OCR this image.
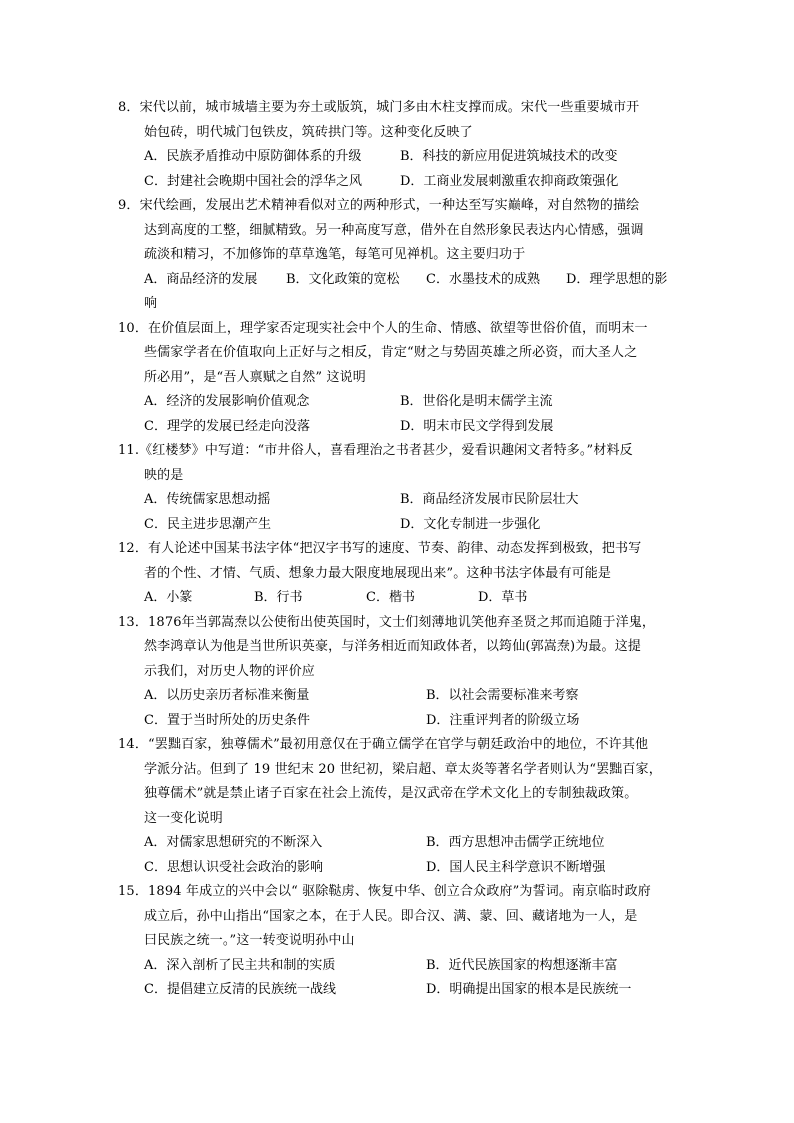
8．宋代以前，城市城墙主要为夯土或版筑，城门多由木柱支撑而成。宋代一些重要城市开
始包砖，明代城门包铁皮，筑砖拱门等。这种变化反映了
A．民族矛盾推动中原防御体系的升级	B．科技的新应用促进筑城技术的改变
C．封建社会晚期中国社会的浮华之风	D．工商业发展刺激重农抑商政策强化
9．宋代绘画，发展出艺术精神看似对立的两种形式，一种达至写实巅峰，对自然物的描绘
达到高度的工整，细腻精致。另一种高度写意，借外在自然形象民表达内心情感，强调
疏淡和精习，不加修饰的草草逸笔，每笔可见禅机。这主要归功于
A．商品经济的发展 B．文化政策的宽松 C．水墨技术的成熟 D．理学思想的影
响
10．在价值层面上，理学家否定现实社会中个人的生命、情感、欲望等世俗价值，而明末一
些儒家学者在价值取向上正好与之相反，肯定“财之与势固英雄之所必资，而大圣人之
所必用”，是“吾人禀赋之自然” 这说明
A．经济的发展影响价值观念	B．世俗化是明末儒学主流
C．理学的发展已经走向没落	D．明末市民文学得到发展
11.《红楼梦》中写道：“市井俗人，喜看理治之书者甚少，爱看识趣闲文者特多。”材料反
映的是
A．传统儒家思想动摇	B．商品经济发展市民阶层壮大
C．民主进步思潮产生	D．文化专制进一步强化
12．有人论述中国某书法字体“把汉字书写的速度、节奏、韵律、动态发挥到极致，把书写
者的个性、才情、气质、想象力最大限度地展现出来”。这种书法字体最有可能是
A．小篆	B．行书	C．楷书	D．草书
13．1876年当郭嵩焘以公使衔出使英国时，文士们刻薄地讥笑他弃圣贤之邦而追随于洋鬼，
然李鸿章认为他是当世所识英豪，与洋务相近而知政体者，以筠仙(郭嵩焘)为最。这提
示我们，对历史人物的评价应
A．以历史亲历者标准来衡量	B．以社会需要标准来考察
C．置于当时所处的历史条件	D．注重评判者的阶级立场
14．“罢黜百家，独尊儒术”最初用意仅在于确立儒学在官学与朝廷政治中的地位，不许其他
学派分沾。但到了 19 世纪末 20 世纪初，梁启超、章太炎等著名学者则认为“罢黜百家，
独尊儒术”就是禁止诸子百家在社会上流传，是汉武帝在学术文化上的专制独裁政策。
这一变化说明
A．对儒家思想研究的不断深入	B．西方思想冲击儒学正统地位
C．思想认识受社会政治的影响	D．国人民主科学意识不断增强
15．1894 年成立的兴中会以“ 驱除鞑虏、恢复中华、创立合众政府”为誓词。南京临时政府
成立后，孙中山指出“国家之本，在于人民。即合汉、满、蒙、回、藏诸地为一人，是
曰民族之统一。”这一转变说明孙中山
A．深入剖析了民主共和制的实质	B．近代民族国家的构想逐渐丰富
C．提倡建立反清的民族统一战线	D．明确提出国家的根本是民族统一
